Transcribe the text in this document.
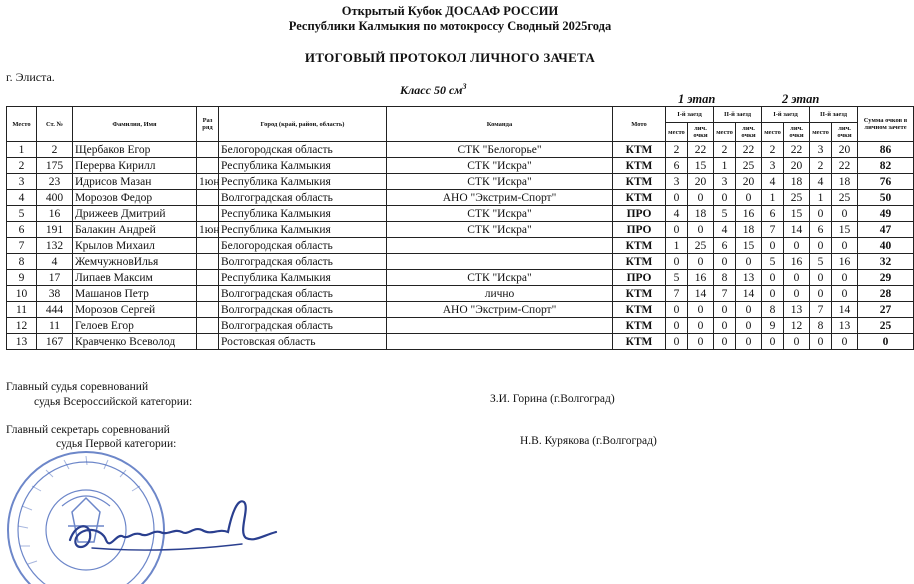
Открытый Кубок ДОСААФ РОССИИ
Республики Калмыкия по мотокроссу Сводный 2025года
ИТОГОВЫЙ ПРОТОКОЛ ЛИЧНОГО ЗАЧЕТА
г. Элиста.
Класс 50 $см^3$
1 этап	2 этап
Место	Ст. №	Фамилия, Имя	Раз ряд	Город (край, район, область)	Команда	Мото	I-й заезд		II-й заезд		I-й заезд		II-й заезд		Сумма очков в личном зачете
							место	лич. очки	место	лич. очки	место	лич. очки	место	лич. очки	
1	2	Щербаков Егор		Белогородская область	СТК "Белогорье"	КТМ	2	22	2	22	2	22	3	20	86
2	175	Перерва Кирилл		Республика Калмыкия	СТК "Искра"	КТМ	6	15	1	25	3	20	2	22	82
3	23	Идрисов Мазан	1юн	Республика Калмыкия	СТК "Искра"	КТМ	3	20	3	20	4	18	4	18	76
4	400	Морозов Федор		Волгоградская область	АНО "Экстрим-Спорт"	КТМ	0	0	0	0	1	25	1	25	50
5	16	Дрижеев Дмитрий		Республика Калмыкия	СТК "Искра"	ПРО	4	18	5	16	6	15	0	0	49
6	191	Балакин Андрей	1юн	Республика Калмыкия	СТК "Искра"	ПРО	0	0	4	18	7	14	6	15	47
7	132	Крылов Михаил		Белогородская область		КТМ	1	25	6	15	0	0	0	0	40
8	4	ЖемчужновИлья		Волгоградская область		КТМ	0	0	0	0	5	16	5	16	32
9	17	Липаев Максим		Республика Калмыкия	СТК "Искра"	ПРО	5	16	8	13	0	0	0	0	29
10	38	Машанов Петр		Волгоградская область	лично	КТМ	7	14	7	14	0	0	0	0	28
11	444	Морозов Сергей		Волгоградская область	АНО "Экстрим-Спорт"	КТМ	0	0	0	0	8	13	7	14	27
12	11	Гелоев Егор		Волгоградская область		КТМ	0	0	0	0	9	12	8	13	25
13	167	Кравченко Всеволод		Ростовская область		КТМ	0	0	0	0	0	0	0	0	0
Главный судья соревнований
судья Всероссийской категории:	З.И. Горина (г.Волгоград)
Главный секретарь соревнований
судья Первой категории:	Н.В. Курякова (г.Волгоград)
